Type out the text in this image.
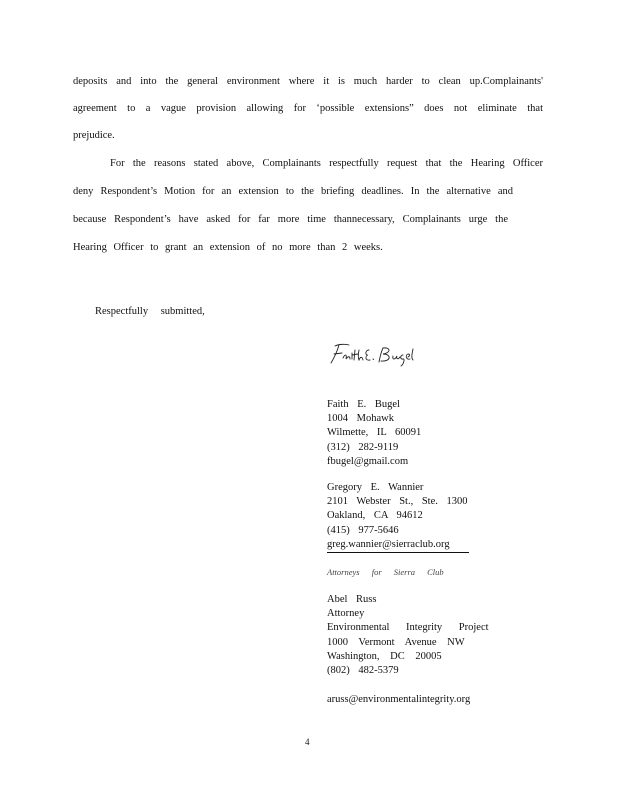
deposits and into the general environment where it is much harder to clean up.Complainants'
agreement to a vague provision allowing for ‘possible extensions” does not eliminate that
prejudice.
For the reasons stated above, Complainants respectfully request that the Hearing Officer
deny Respondent’s Motion for an extension to the briefing deadlines. In the alternative and
because Respondent’s have asked for far more time thannecessary, Complainants urge the
Hearing Officer to grant an extension of no more than 2 weeks.
Respectfully submitted,
Faith E. Bugel
1004 Mohawk
Wilmette, IL 60091
(312) 282-9119
fbugel@gmail.com
Gregory E. Wannier
2101 Webster St., Ste. 1300
Oakland, CA 94612
(415) 977-5646
greg.wannier@sierraclub.org
Attorneys for Sierra Club
Abel Russ
Attorney
Environmental Integrity Project
1000 Vermont Avenue NW
Washington, DC 20005
(802) 482-5379
aruss@environmentalintegrity.org
4
